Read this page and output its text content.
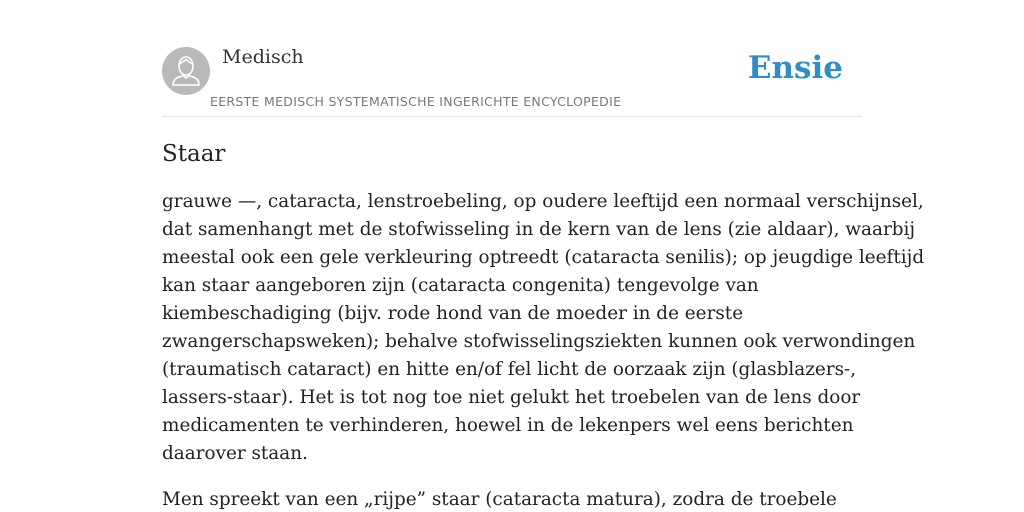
Medisch
EERSTE MEDISCH SYSTEMATISCHE INGERICHTE ENCYCLOPEDIE
Ensie
Staar

grauwe —, cataracta, lenstroebeling, op oudere leeftijd een normaal verschijnsel,
dat samenhangt met de stofwisseling in de kern van de lens (zie aldaar), waarbij
meestal ook een gele verkleuring optreedt (cataracta senilis); op jeugdige leeftijd
kan staar aangeboren zijn (cataracta congenita) tengevolge van
kiembeschadiging (bijv. rode hond van de moeder in de eerste
zwangerschapsweken); behalve stofwisselingsziekten kunnen ook verwondingen
(traumatisch cataract) en hitte en/of fel licht de oorzaak zijn (glasblazers-,
lassers-staar). Het is tot nog toe niet gelukt het troebelen van de lens door
medicamenten te verhinderen, hoewel in de lekenpers wel eens berichten
daarover staan.

Men spreekt van een „rijpe” staar (cataracta matura), zodra de troebele
